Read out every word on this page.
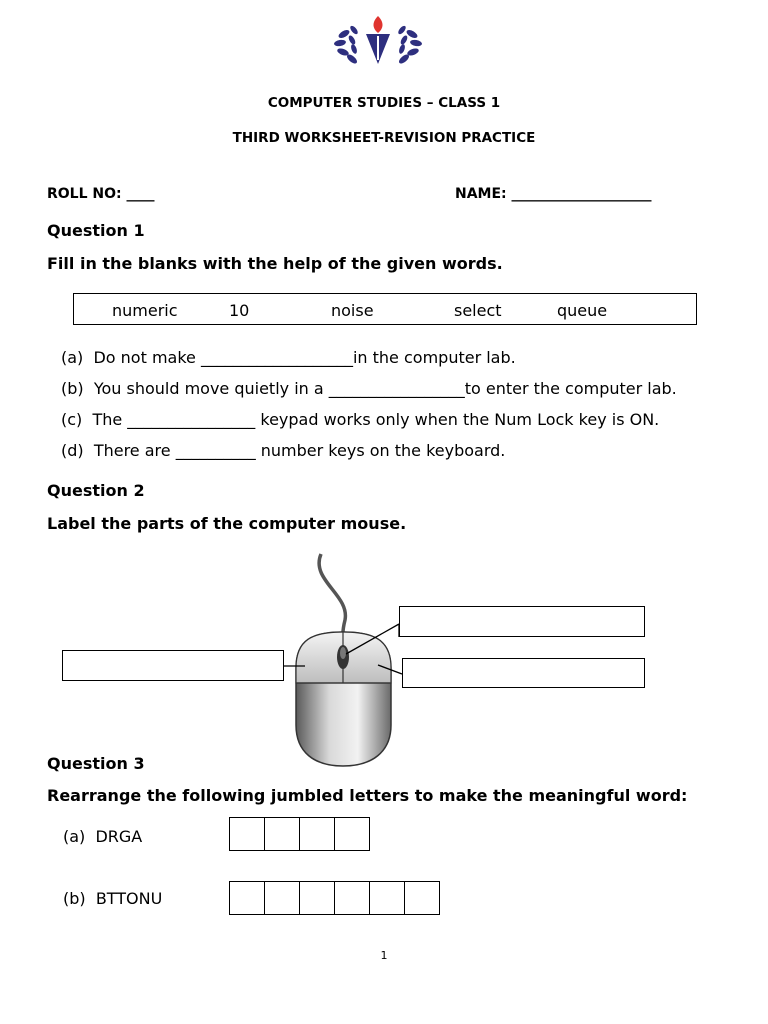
COMPUTER STUDIES – CLASS 1
THIRD WORKSHEET-REVISION PRACTICE
ROLL NO: ____	NAME: ____________________
Question 1
Fill in the blanks with the help of the given words.
numeric	10	noise	select	queue
(a) Do not make ___________________in the computer lab.
(b) You should move quietly in a _________________to enter the computer lab.
(c) The ________________ keypad works only when the Num Lock key is ON.
(d) There are __________ number keys on the keyboard.
Question 2
Label the parts of the computer mouse.
Question 3
Rearrange the following jumbled letters to make the meaningful word:
(a) DRGA
(b) BTTONU
1
